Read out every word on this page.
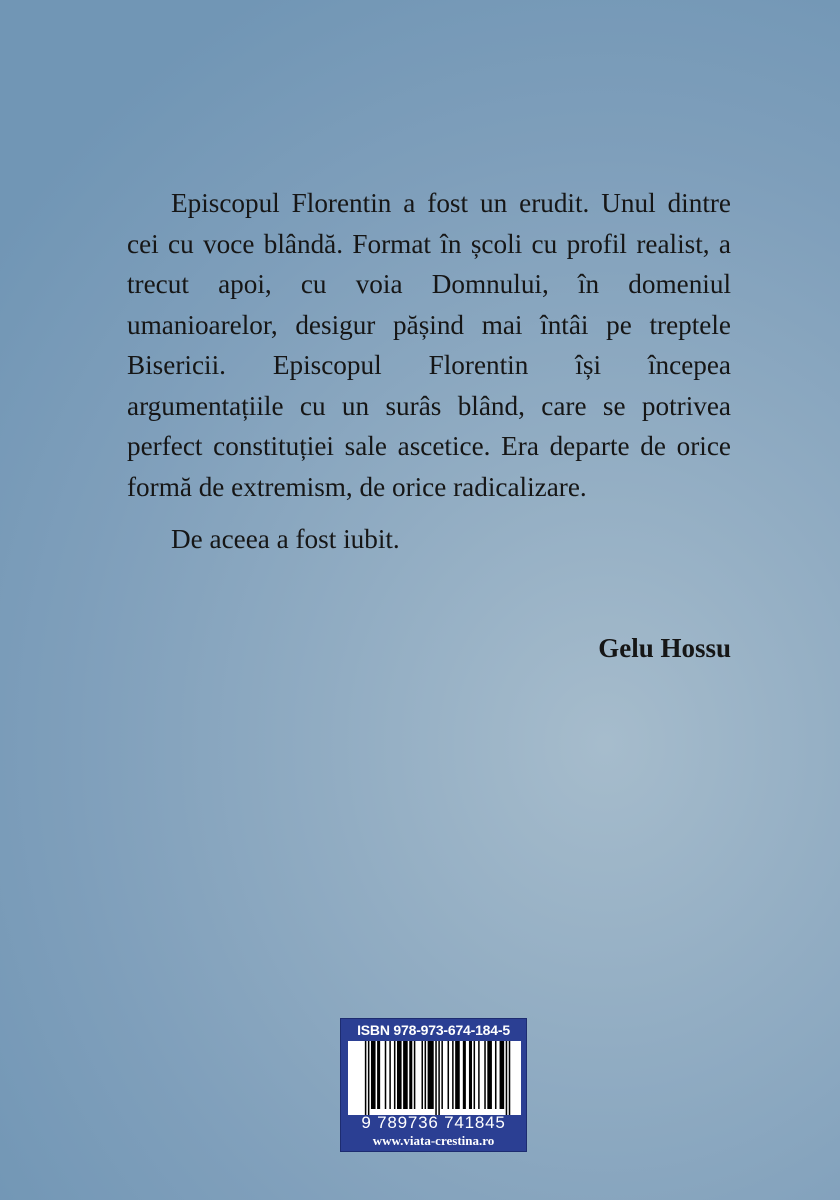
Episcopul Florentin a fost un erudit. Unul dintre cei cu voce blândă. Format în școli cu profil realist, a trecut apoi, cu voia Domnului, în domeniul umanioarelor, desigur pășind mai întâi pe treptele Bisericii. Episcopul Florentin își începea argumentațiile cu un surâs blând, care se potrivea perfect constituției sale ascetice. Era departe de orice formă de extremism, de orice radicalizare.

De aceea a fost iubit.

Gelu Hossu
ISBN 978-973-674-184-5
9 789736 741845
www.viata-crestina.ro
